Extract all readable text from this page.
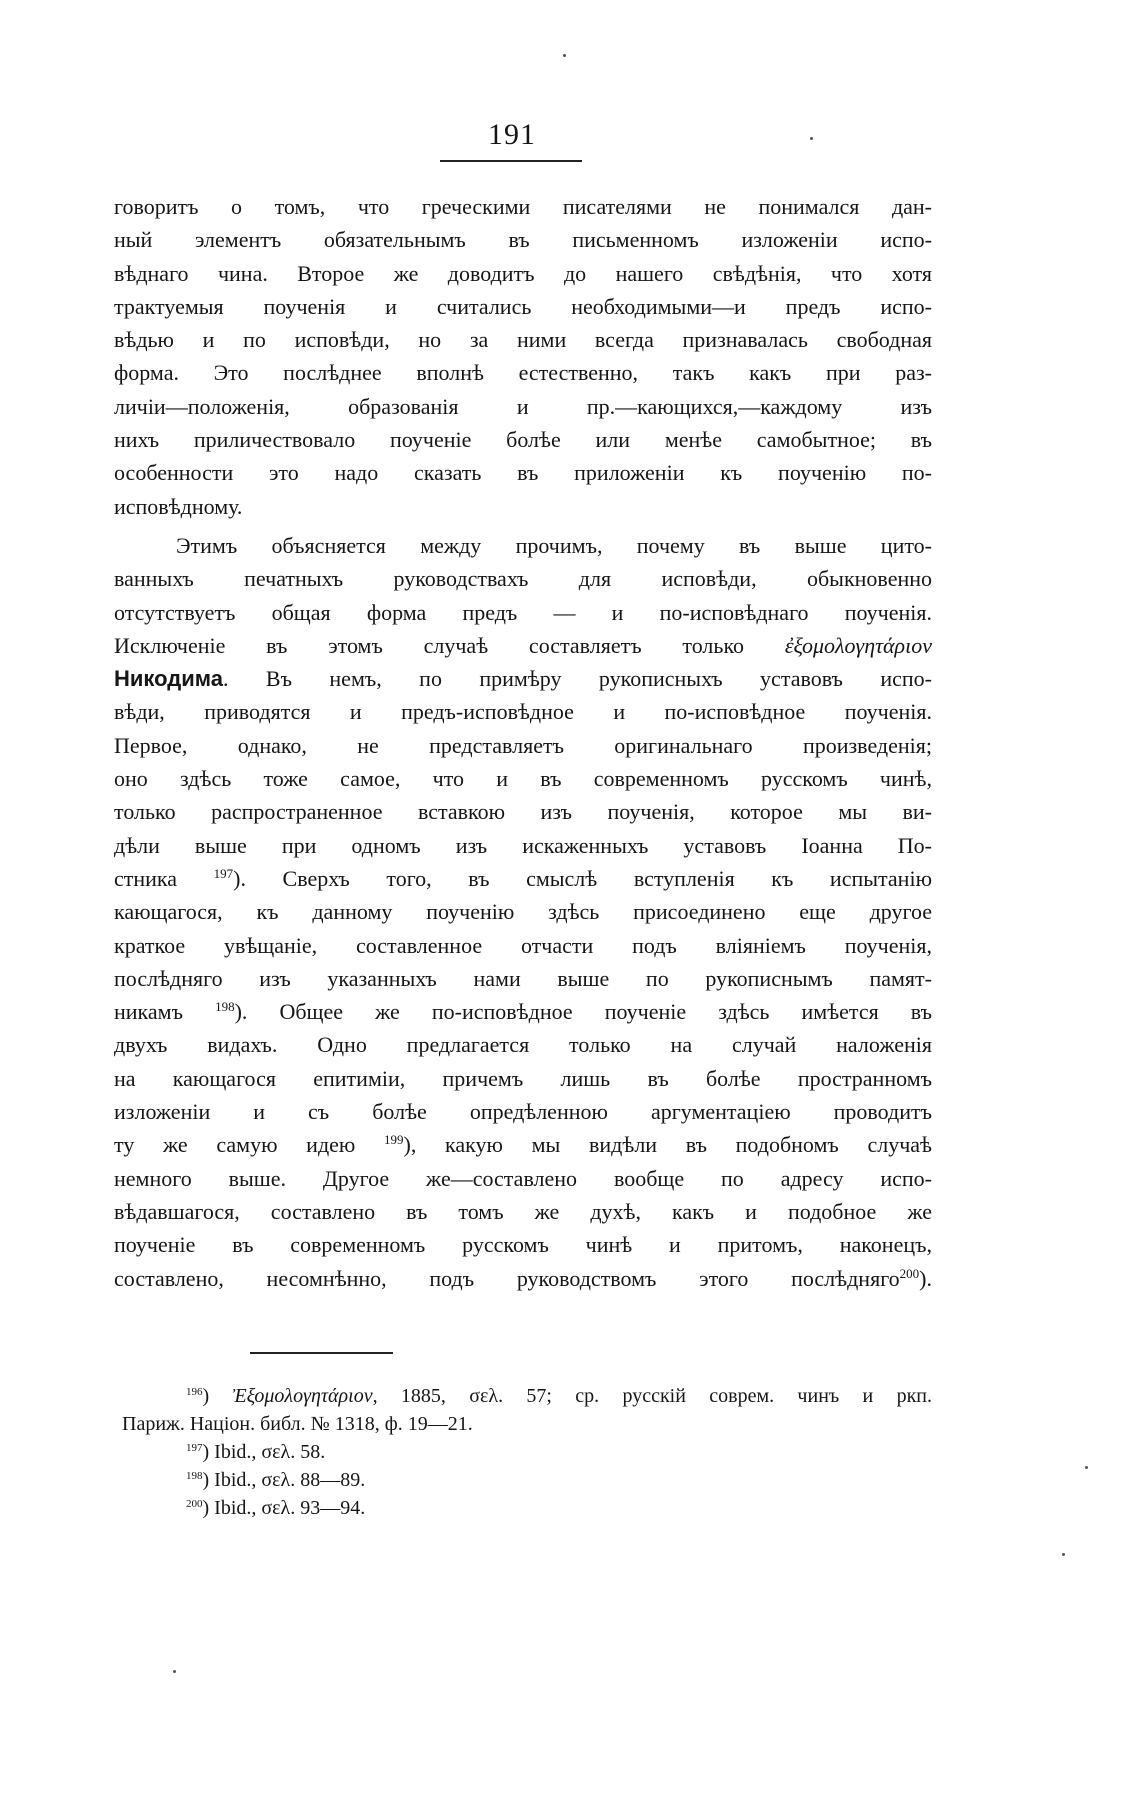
191
говоритъ о томъ, что греческими писателями не понимался дан-
ный элементъ обязательнымъ въ письменномъ изложеніи испо-
вѣднаго чина. Второе же доводитъ до нашего свѣдѣнія, что хотя
трактуемыя поученія и считались необходимыми—и предъ испо-
вѣдью и по исповѣди, но за ними всегда признавалась свободная
форма. Это послѣднее вполнѣ естественно, такъ какъ при раз-
личіи—положенія, образованія и пр.—кающихся,—каждому изъ
нихъ приличествовало поученіе болѣе или менѣе самобытное; въ
особенности это надо сказать въ приложеніи къ поученію по-
исповѣдному.
Этимъ объясняется между прочимъ, почему въ выше цито-
ванныхъ печатныхъ руководствахъ для исповѣди, обыкновенно
отсутствуетъ общая форма предъ — и по-исповѣднаго поученія.
Исключеніе въ этомъ случаѣ составляетъ только ἐξομολογητάριον
Никодима. Въ немъ, по примѣру рукописныхъ уставовъ испо-
вѣди, приводятся и предъ-исповѣдное и по-исповѣдное поученія.
Первое, однако, не представляетъ оригинальнаго произведенія;
оно здѣсь тоже самое, что и въ современномъ русскомъ чинѣ,
только распространенное вставкою изъ поученія, которое мы ви-
дѣли выше при одномъ изъ искаженныхъ уставовъ Іоанна По-
стника	$^{197}$). Сверхъ того, въ смыслѣ вступленія къ испытанію
кающагося, къ данному поученію здѣсь присоединено еще другое
краткое увѣщаніе, составленное отчасти подъ вліяніемъ поученія,
послѣдняго изъ указанныхъ нами выше по рукописнымъ памят-
никамъ $^{198}$). Общее же по-исповѣдное поученіе здѣсь имѣется въ
двухъ видахъ. Одно предлагается только на случай наложенія
на кающагося епитиміи, причемъ лишь въ болѣе пространномъ
изложеніи и съ болѣе опредѣленною аргументаціею проводитъ
ту же самую идею $^{199}$), какую мы видѣли въ подобномъ случаѣ
немного выше. Другое же—составлено вообще по адресу испо-
вѣдавшагося, составлено въ томъ же духѣ, какъ и подобное же
поученіе въ современномъ русскомъ чинѣ и притомъ, наконецъ,
составлено, несомнѣнно, подъ руководствомъ этого послѣдняго$^{200}$).
$^{196}$) Ἐξομολογητάριον, 1885, σελ. 57; ср. русскій соврем. чинъ и ркп.
Париж. Націон. библ. № 1318, ф. 19—21.
$^{197}$) Ibid., σελ. 58.
$^{198}$) Ibid., σελ. 88—89.
$^{200}$) Ibid., σελ. 93—94.
